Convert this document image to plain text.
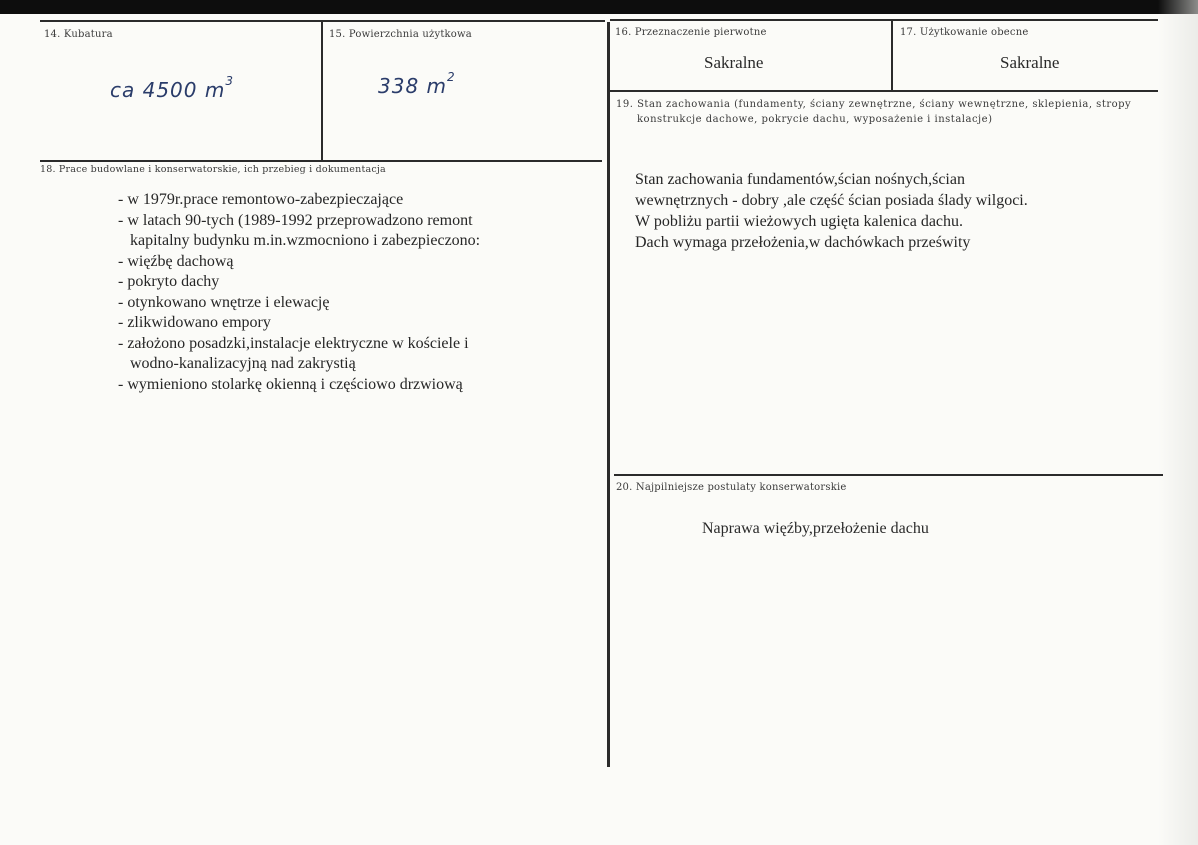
14. Kubatura
ca 4500 $m^3$
15. Powierzchnia użytkowa
338 $m^2$
16. Przeznaczenie pierwotne
Sakralne
17. Użytkowanie obecne
Sakralne
18. Prace budowlane i konserwatorskie, ich przebieg i dokumentacja
- w 1979r.prace remontowo-zabezpieczające
- w latach 90-tych (1989-1992 przeprowadzono remont
kapitalny budynku m.in.wzmocniono i zabezpieczono:
- więźbę dachową
- pokryto dachy
- otynkowano wnętrze i elewację
- zlikwidowano empory
- założono posadzki,instalacje elektryczne w kościele i
wodno-kanalizacyjną nad zakrystią
- wymieniono stolarkę okienną i częściowo drzwiową
19. Stan zachowania (fundamenty, ściany zewnętrzne, ściany wewnętrzne, sklepienia, stropy
konstrukcje dachowe, pokrycie dachu, wyposażenie i instalacje)
Stan zachowania fundamentów,ścian nośnych,ścian
wewnętrznych - dobry ,ale część ścian posiada ślady wilgoci.
W pobliżu partii wieżowych ugięta kalenica dachu.
Dach wymaga przełożenia,w dachówkach prześwity
20. Najpilniejsze postulaty konserwatorskie
Naprawa więźby,przełożenie dachu
